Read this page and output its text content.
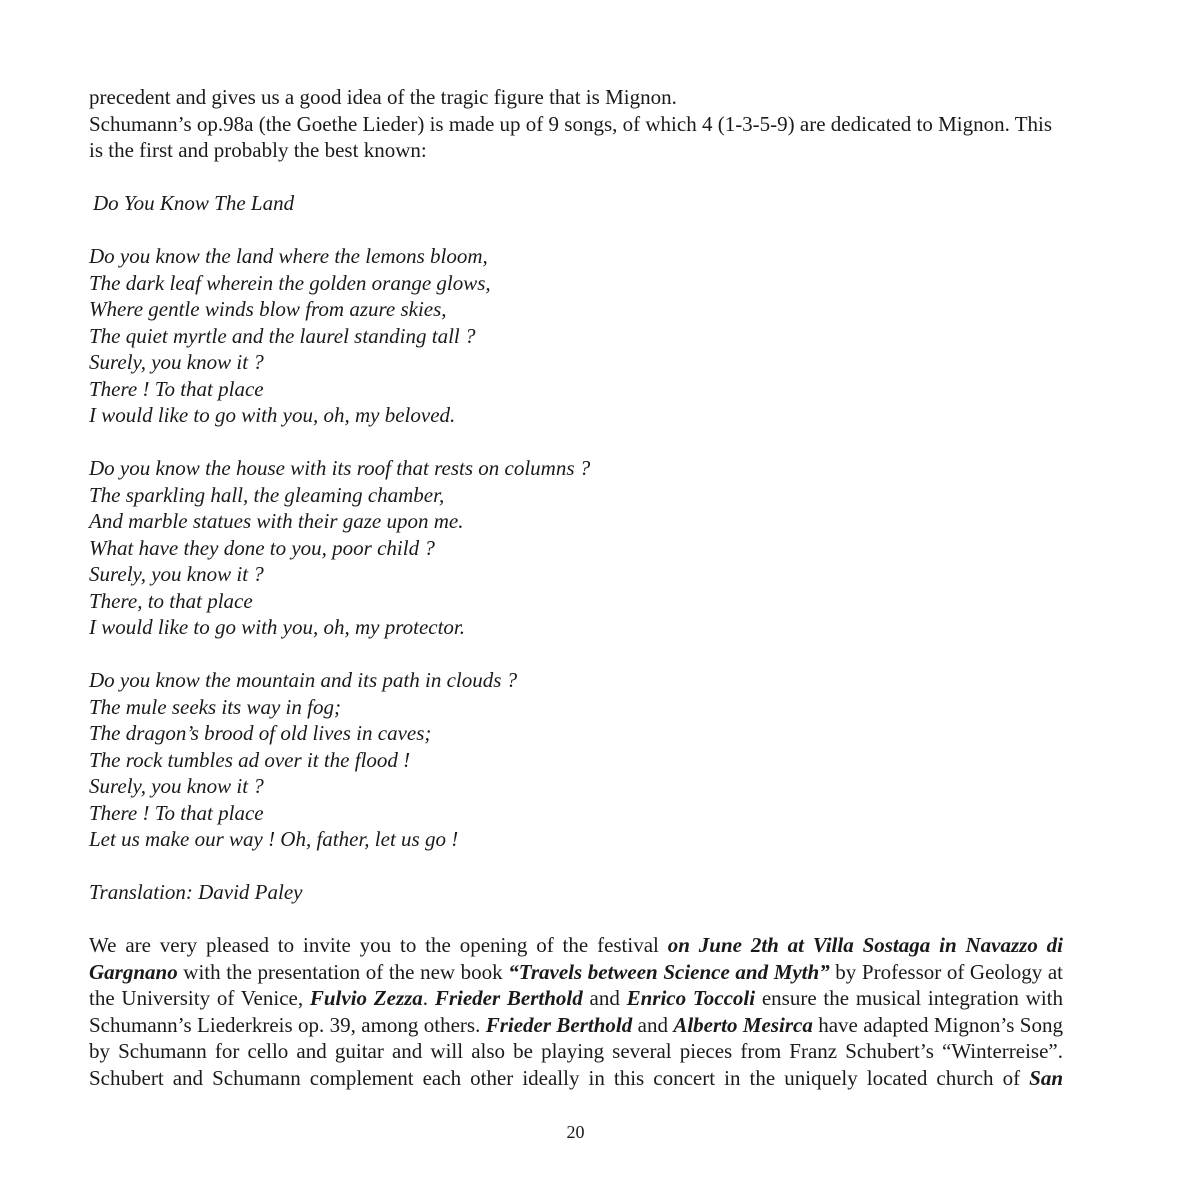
precedent and gives us a good idea of the tragic figure that is Mignon.

Schumann’s op.98a (the Goethe Lieder) is made up of 9 songs, of which 4 (1-3-5-9) are dedicated to Mignon. This is the first and probably the best known:

Do You Know The Land

Do you know the land where the lemons bloom,
The dark leaf wherein the golden orange glows,
Where gentle winds blow from azure skies,
The quiet myrtle and the laurel standing tall ?
Surely, you know it ?
There ! To that place
I would like to go with you, oh, my beloved.

Do you know the house with its roof that rests on columns ?
The sparkling hall, the gleaming chamber,
And marble statues with their gaze upon me.
What have they done to you, poor child ?
Surely, you know it ?
There, to that place
I would like to go with you, oh, my protector.

Do you know the mountain and its path in clouds ?
The mule seeks its way in fog;
The dragon’s brood of old lives in caves;
The rock tumbles ad over it the flood !
Surely, you know it ?
There ! To that place
Let us make our way ! Oh, father, let us go !

Translation: David Paley

We are very pleased to invite you to the opening of the festival on June 2th at Villa Sostaga in Navazzo di Gargnano with the presentation of the new book “Travels between Science and Myth” by Professor of Geology at the University of Venice, Fulvio Zezza. Frieder Berthold and Enrico Toccoli ensure the musical integration with Schumann’s Liederkreis op. 39, among others. Frieder Berthold and Alberto Mesirca have adapted Mignon’s Song by Schumann for cello and guitar and will also be playing several pieces from Franz Schubert’s “Winterreise”. Schubert and Schumann complement each other ideally in this concert in the uniquely located church of San

20
